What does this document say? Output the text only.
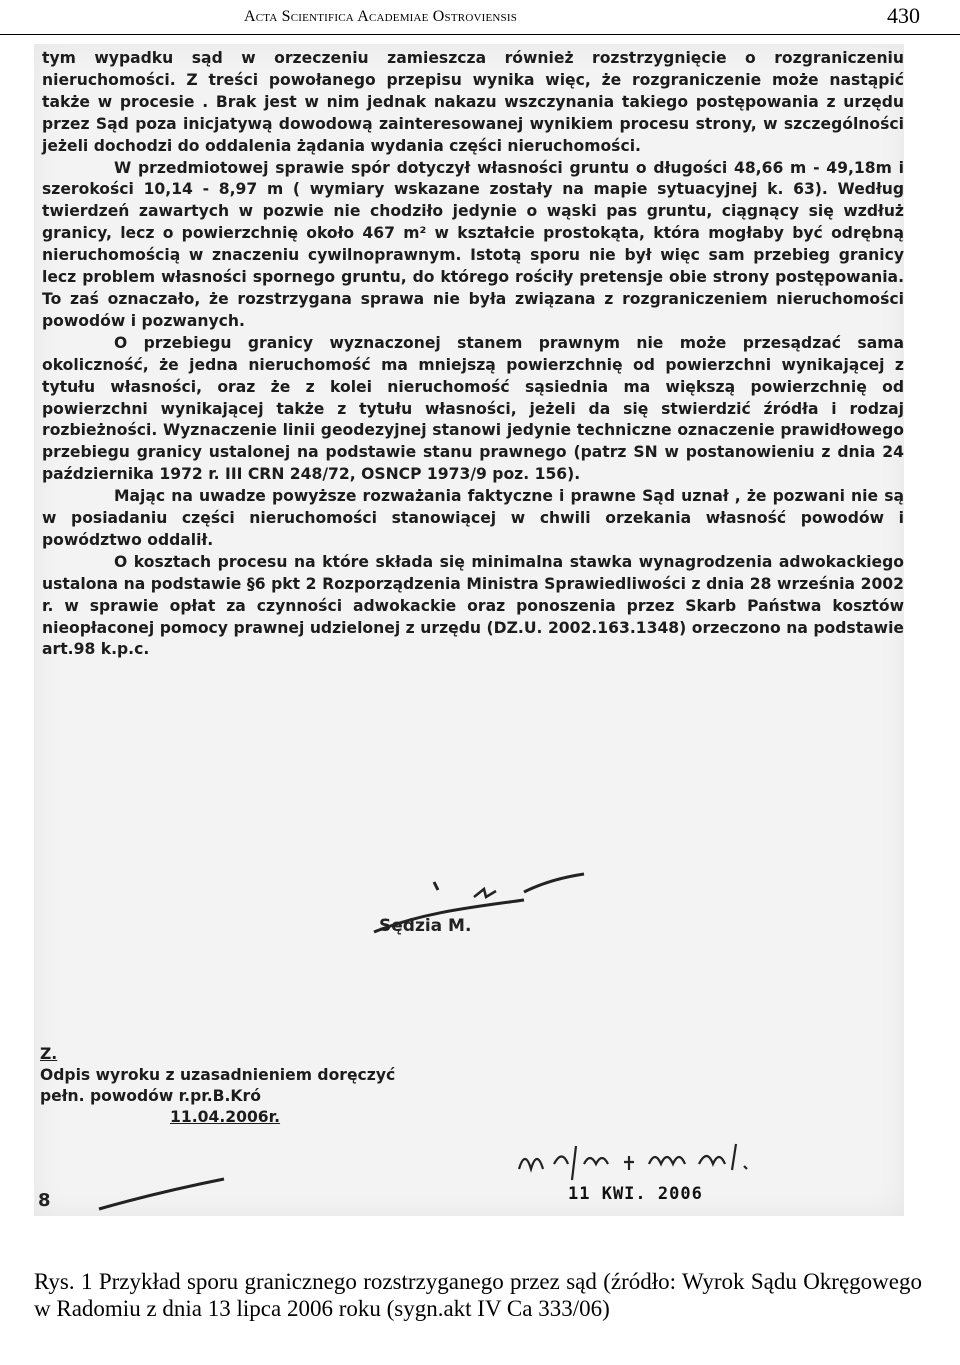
Acta Scientifica Academiae Ostroviensis	430

tym wypadku sąd w orzeczeniu zamieszcza również rozstrzygnięcie o rozgraniczeniu nieruchomości. Z treści powołanego przepisu wynika więc, że rozgraniczenie może nastąpić także w procesie . Brak jest w nim jednak nakazu wszczynania takiego postępowania z urzędu przez Sąd poza inicjatywą dowodową zainteresowanej wynikiem procesu strony, w szczególności jeżeli dochodzi do oddalenia żądania wydania części nieruchomości.

W przedmiotowej sprawie spór dotyczył własności gruntu o długości 48,66 m - 49,18m i szerokości 10,14 - 8,97 m ( wymiary wskazane zostały na mapie sytuacyjnej k. 63). Według twierdzeń zawartych w pozwie nie chodziło jedynie o wąski pas gruntu, ciągnący się wzdłuż granicy, lecz o powierzchnię około 467 m² w kształcie prostokąta, która mogłaby być odrębną nieruchomością w znaczeniu cywilnoprawnym. Istotą sporu nie był więc sam przebieg granicy lecz problem własności spornego gruntu, do którego rościły pretensje obie strony postępowania. To zaś oznaczało, że rozstrzygana sprawa nie była związana z rozgraniczeniem nieruchomości powodów i pozwanych.

O przebiegu granicy wyznaczonej stanem prawnym nie może przesądzać sama okoliczność, że jedna nieruchomość ma mniejszą powierzchnię od powierzchni wynikającej z tytułu własności, oraz że z kolei nieruchomość sąsiednia ma większą powierzchnię od powierzchni wynikającej także z tytułu własności, jeżeli da się stwierdzić źródła i rodzaj rozbieżności. Wyznaczenie linii geodezyjnej stanowi jedynie techniczne oznaczenie prawidłowego przebiegu granicy ustalonej na podstawie stanu prawnego (patrz SN w postanowieniu z dnia 24 października 1972 r. III CRN 248/72, OSNCP 1973/9 poz. 156).

Mając na uwadze powyższe rozważania faktyczne i prawne Sąd uznał , że pozwani nie są w posiadaniu części nieruchomości stanowiącej w chwili orzekania własność powodów i powództwo oddalił.

O kosztach procesu na które składa się minimalna stawka wynagrodzenia adwokackiego ustalona na podstawie §6 pkt 2 Rozporządzenia Ministra Sprawiedliwości z dnia 28 września 2002 r. w sprawie opłat za czynności adwokackie oraz ponoszenia przez Skarb Państwa kosztów nieopłaconej pomocy prawnej udzielonej z urzędu (DZ.U. 2002.163.1348) orzeczono na podstawie art.98 k.p.c.

Sędzia M.
Z.
Odpis wyroku z uzasadnieniem doręczyć
pełn. powodów r.pr.B.Kró
11.04.2006r.
8	11 KWI. 2006
Rys. 1 Przykład sporu granicznego rozstrzyganego przez sąd (źródło: Wyrok Sądu Okręgowego w Radomiu z dnia 13 lipca 2006 roku (sygn.akt IV Ca 333/06)
